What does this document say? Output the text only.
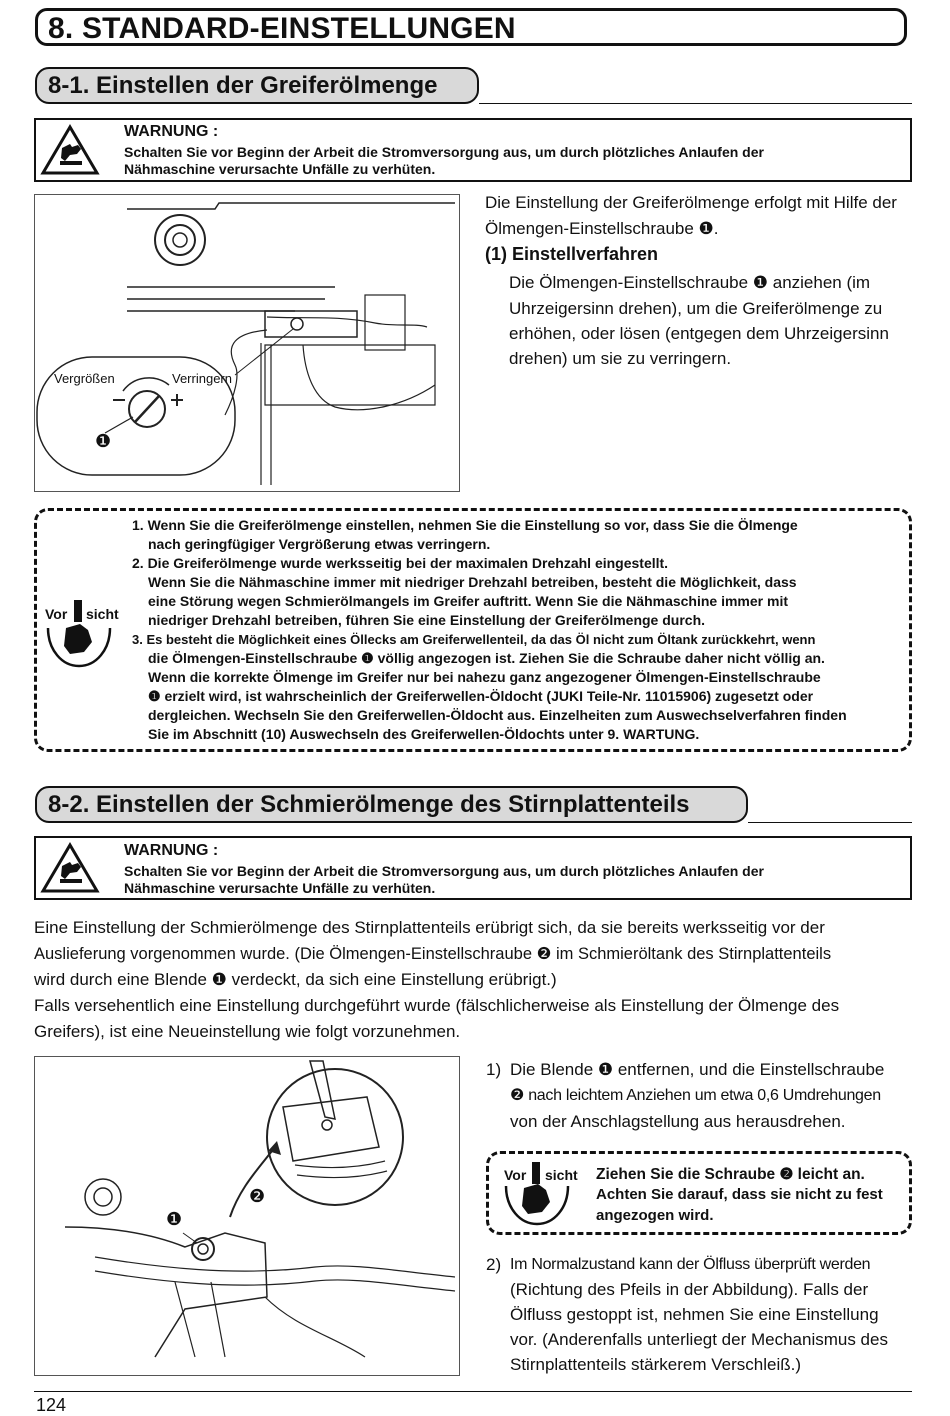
8. STANDARD-EINSTELLUNGEN
8-1. Einstellen der Greiferölmenge
WARNUNG :
Schalten Sie vor Beginn der Arbeit die Stromversorgung aus, um durch plötzliches Anlaufen der
Nähmaschine verursachte Unfälle zu verhüten.
Vergrößen	Verringern
❶
Die Einstellung der Greiferölmenge erfolgt mit Hilfe der
Ölmengen-Einstellschraube ❶.
(1) Einstellverfahren
Die Ölmengen-Einstellschraube ❶ anziehen (im
Uhrzeigersinn drehen), um die Greiferölmenge zu
erhöhen, oder lösen (entgegen dem Uhrzeigersinn
drehen) um sie zu verringern.
Vor sicht
1. Wenn Sie die Greiferölmenge einstellen, nehmen Sie die Einstellung so vor, dass Sie die Ölmenge
nach geringfügiger Vergrößerung etwas verringern.
2. Die Greiferölmenge wurde werksseitig bei der maximalen Drehzahl eingestellt.
Wenn Sie die Nähmaschine immer mit niedriger Drehzahl betreiben, besteht die Möglichkeit, dass
eine Störung wegen Schmierölmangels im Greifer auftritt. Wenn Sie die Nähmaschine immer mit
niedriger Drehzahl betreiben, führen Sie eine Einstellung der Greiferölmenge durch.
3. Es besteht die Möglichkeit eines Öllecks am Greiferwellenteil, da das Öl nicht zum Öltank zurückkehrt, wenn
die Ölmengen-Einstellschraube ❶ völlig angezogen ist. Ziehen Sie die Schraube daher nicht völlig an.
Wenn die korrekte Ölmenge im Greifer nur bei nahezu ganz angezogener Ölmengen-Einstellschraube
❶ erzielt wird, ist wahrscheinlich der Greiferwellen-Öldocht (JUKI Teile-Nr. 11015906) zugesetzt oder
dergleichen. Wechseln Sie den Greiferwellen-Öldocht aus. Einzelheiten zum Auswechselverfahren finden
Sie im Abschnitt (10) Auswechseln des Greiferwellen-Öldochts unter 9. WARTUNG.
8-2. Einstellen der Schmierölmenge des Stirnplattenteils
WARNUNG :
Schalten Sie vor Beginn der Arbeit die Stromversorgung aus, um durch plötzliches Anlaufen der
Nähmaschine verursachte Unfälle zu verhüten.
Eine Einstellung der Schmierölmenge des Stirnplattenteils erübrigt sich, da sie bereits werksseitig vor der
Auslieferung vorgenommen wurde. (Die Ölmengen-Einstellschraube ❷ im Schmieröltank des Stirnplattenteils
wird durch eine Blende ❶ verdeckt, da sich eine Einstellung erübrigt.)
Falls versehentlich eine Einstellung durchgeführt wurde (fälschlicherweise als Einstellung der Ölmenge des
Greifers), ist eine Neueinstellung wie folgt vorzunehmen.
❶
❷
1) Die Blende ❶ entfernen, und die Einstellschraube
❷ nach leichtem Anziehen um etwa 0,6 Umdrehungen
von der Anschlagstellung aus herausdrehen.
Vor sicht Ziehen Sie die Schraube ❷ leicht an.
Achten Sie darauf, dass sie nicht zu fest
angezogen wird.
2) Im Normalzustand kann der Ölfluss überprüft werden
(Richtung des Pfeils in der Abbildung). Falls der
Ölfluss gestoppt ist, nehmen Sie eine Einstellung
vor. (Anderenfalls unterliegt der Mechanismus des
Stirnplattenteils stärkerem Verschleiß.)
124
